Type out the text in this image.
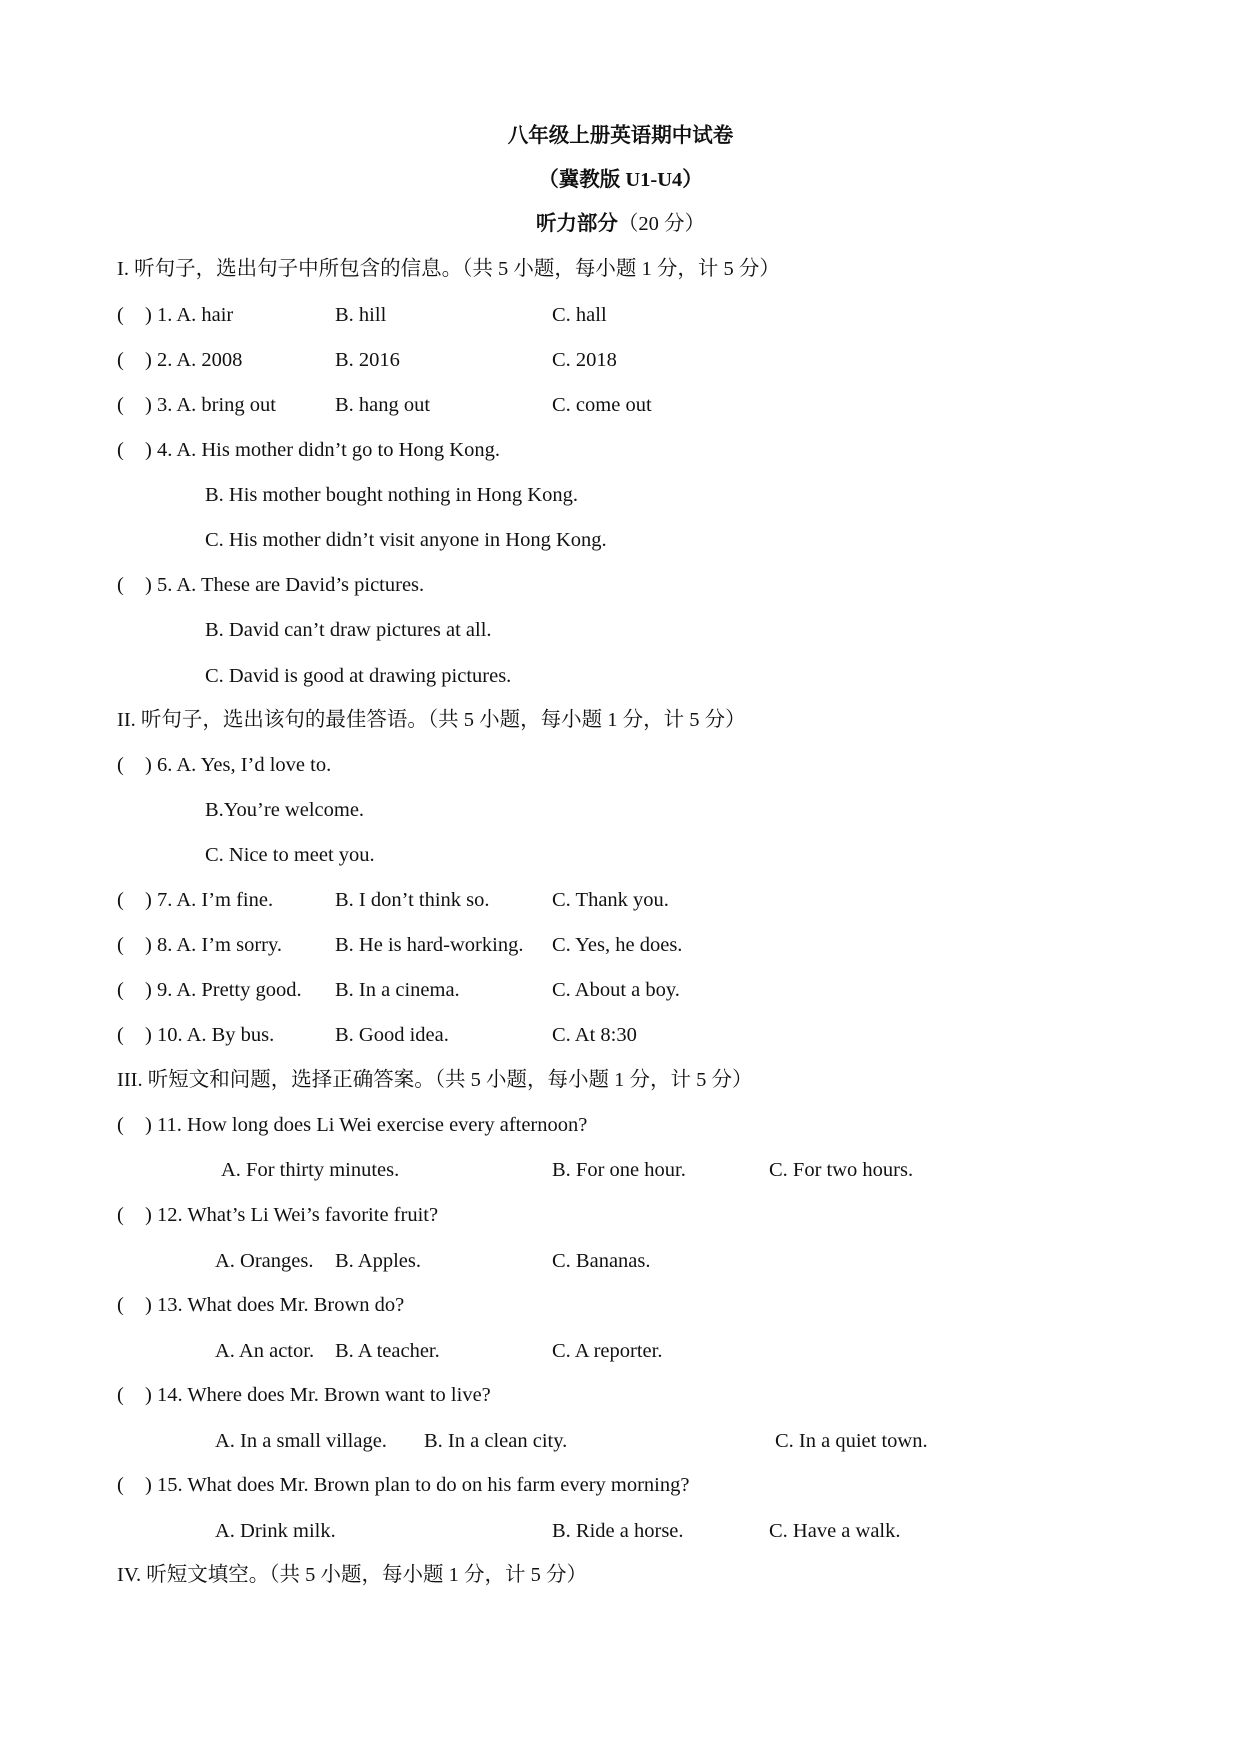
八年级上册英语期中试卷
（冀教版 U1-U4）
听力部分（20 分）
I. 听句子，选出句子中所包含的信息。（共 5 小题，每小题 1 分，计 5 分）
( ) 1. A. hair	B. hill	C. hall
( ) 2. A. 2008	B. 2016	C. 2018
( ) 3. A. bring out	B. hang out	C. come out
( ) 4. A. His mother didn’t go to Hong Kong.
B. His mother bought nothing in Hong Kong.
C. His mother didn’t visit anyone in Hong Kong.
( ) 5. A. These are David’s pictures.
B. David can’t draw pictures at all.
C. David is good at drawing pictures.
II. 听句子，选出该句的最佳答语。（共 5 小题，每小题 1 分，计 5 分）
( ) 6. A. Yes, I’d love to.
B.You’re welcome.
C. Nice to meet you.
( ) 7. A. I’m fine.	B. I don’t think so.	C. Thank you.
( ) 8. A. I’m sorry.	B. He is hard-working. C. Yes, he does.
( ) 9. A. Pretty good. B. In a cinema.	C. About a boy.
( ) 10. A. By bus.	B. Good idea.	C. At 8:30
III. 听短文和问题，选择正确答案。（共 5 小题，每小题 1 分，计 5 分）
( ) 11. How long does Li Wei exercise every afternoon?
A. For thirty minutes.	B. For one hour.	C. For two hours.
( ) 12. What’s Li Wei’s favorite fruit?
A. Oranges. B. Apples.	C. Bananas.
( ) 13. What does Mr. Brown do?
A. An actor. B. A teacher.	C. A reporter.
( ) 14. Where does Mr. Brown want to live?
A. In a small village. B. In a clean city.	C. In a quiet town.
( ) 15. What does Mr. Brown plan to do on his farm every morning?
A. Drink milk.	B. Ride a horse.	C. Have a walk.
IV. 听短文填空。（共 5 小题，每小题 1 分，计 5 分）
